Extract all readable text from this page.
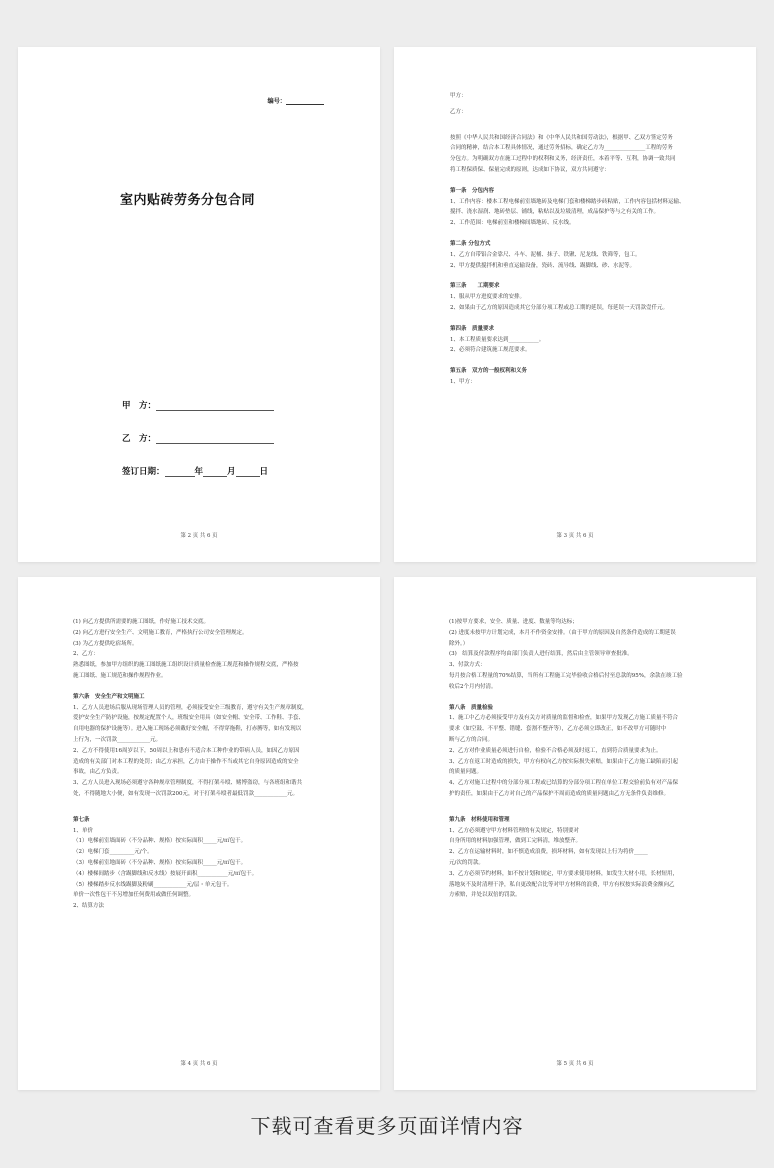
编号：
室内贴砖劳务分包合同
甲　方：
乙　方：
签订日期：	年	月	日
第 2 页 共 6 页

甲方：

乙方：

按照《中华人民共和国经济合同法》和《中华人民共和国劳动法》，根据甲、乙双方签定劳务

合同的精神，结合本工程具体情况，通过劳务招标，确定乙方为_______________工程的劳务

分包方。为明确双方在施工过程中的权利和义务，经济责任，本着平等、互利，协调一致共同

将工程保质保、保量完成的原则，达成如下协议，双方共同遵守：

第一条　分包内容

1、工作内容：楼本工程电梯前室墙地砖及电梯门套和楼梯踏步砖粘贴，工作内容包括材料运输、

搅拌、浇水湿润、地砖垫层、铺线，粘贴以及垃圾清理，成品保护等与之有关的工作。

2、工作范围：电梯前室和楼梯间墙地砖、反水线。

第二条 分包方式

1、乙方自带铝合金靠尺、斗车、泥桶、抹子、铁锹、尼龙线、铁筛等，包工。

2、甲方提供搅拌机和垂直运输设备，瓷砖、流导线、踢脚线、砂、水泥等。

第三条　　工期要求

1、服从甲方进度要求的安排。

2、如果由于乙方的原因造成其它分部分项工程或总工期的延误，每延误一天罚款壹仟元。

第四条　质量要求

1、本工程质量要求达到___________。

2、必须符合建筑施工规范要求。

第五条　双方的一般权利和义务

1、甲方：

第 3 页 共 6 页

(1) 向乙方提供所需要的施工图纸，作好施工技术交底。

(2) 向乙方进行安全生产、文明施工教育，严格执行公司安全管理规定。

(3) 为乙方提供吃宿场所。

2、乙方：

熟悉图纸，参加甲方组织的施工图纸施工组织设计质量检查施工规范和操作规程交底，严格按

施工图纸、施工规范和操作规程作业。

第六条　安全生产和文明施工

1、乙方人员进场后服从现场管理人员的管理，必须接受安全三级教育，遵守有关生产规章制度，

爱护安全生产防护设施，按规定配置个人，班级安全用具（如安全帽、安全带、工作鞋、手套、

自用电器的保护设施等）。进入施工现场必须戴好安全帽，不得穿拖鞋，打赤膊等，如有发现以

上行为，一次罚款____________元。

2、乙方不得使用16周岁以下，50周以上和患有不适合本工种作业的带病人员，如因乙方原因

造成的有关部门对本工程的处罚；由乙方承担，乙方由于操作不当或其它自身原因造成的安全

事故，由乙方负责。

3、乙方人员进入现场必须遵守各种规章管理制度，不得打架斗殴、赌博盗窃，与各班组和谐共

处，不得随地大小便，如有发现一次罚款200元，对于打架斗殴者最低罚款____________元。

第七条

1、单价

（1）电梯前室墙面砖（不分品种、规格）按实际面积_____元/㎡包干。

（2）电梯门套_________元/个。

（3）电梯前室地面砖（不分品种、规格）按实际面积_____元/㎡包干。

（4）楼梯间踏步（含踢脚线和反水线）按展开面积___________元/㎡包干。

（5）楼梯踏步反水线踢脚及粉刷____________元/层・单元包干。

单价一次性包干不另增加任何费用或做任何调整。

2、结算方法

第 4 页 共 6 页

(1)按甲方要求，安全、质量、进度、数量等均达标；

(2) 进度未按甲方计划完成，本月不作资金安排。（由于甲方的原因及自然条件造成的工期延误

除外。）

(3)　结算及付款程序均由部门负责人进行结算，然后由主管领导审查批准。

3、付款方式：

每月按合格工程量的70%结算，当所有工程施工完毕验收合格后付至总款的95%，余款在竣工验

收后2个月内付清。

第八条　质量检验

1、施工中乙方必须接受甲方及有关方对质量的监督和检查，如果甲方发现乙方施工质量不符合

要求（如空鼓、不平整、错缝、套割不整齐等），乙方必须立即改正，如不改甲方可随时中

断与乙方的合同。

2、乙方对作业质量必须进行自检，检验不合格必须及时返工，直到符合质量要求为止。

3、乙方在返工时造成的损失，甲方有权向乙方按实际损失索赔，如果由于乙方施工缺陷而引起

的质量问题。

4、乙方对施工过程中的分部分项工程或已结算的分部分项工程在单位工程交验前负有对产品保

护的责任，如果由于乙方对自己的产品保护不周而造成的质量问题由乙方无条件负责维修。

第九条　材料使用和管理

1、乙方必须遵守甲方材料管理的有关规定，特别要对

自身所用的材料加强管理，做到工完料清，堆放整齐。

2、乙方在运输材料时，如不慎造成浪费，损坏材料，如有发现以上行为将价_____

元/次的罚款。

3、乙方必须节约材料，如不按计划和规定，甲方要求使用材料，如发生大材小用，长材短用，

落地灰不及时清理干净，私自更改配合比等对甲方材料的浪费，甲方有权按实际浪费金额向乙

方索赔，并处以双倍的罚款。

第 5 页 共 6 页
下载可查看更多页面详情内容
